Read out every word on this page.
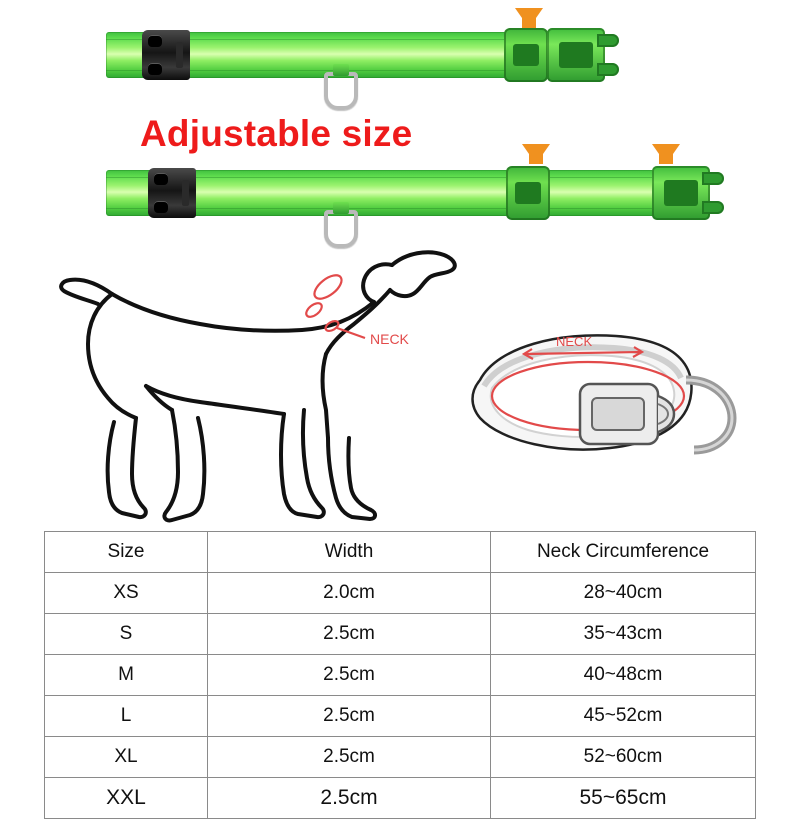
Adjustable size
NECK	NECK
Size	Width	Neck Circumference
XS	2.0cm	28~40cm
S	2.5cm	35~43cm
M	2.5cm	40~48cm
L	2.5cm	45~52cm
XL	2.5cm	52~60cm
XXL	2.5cm	55~65cm
